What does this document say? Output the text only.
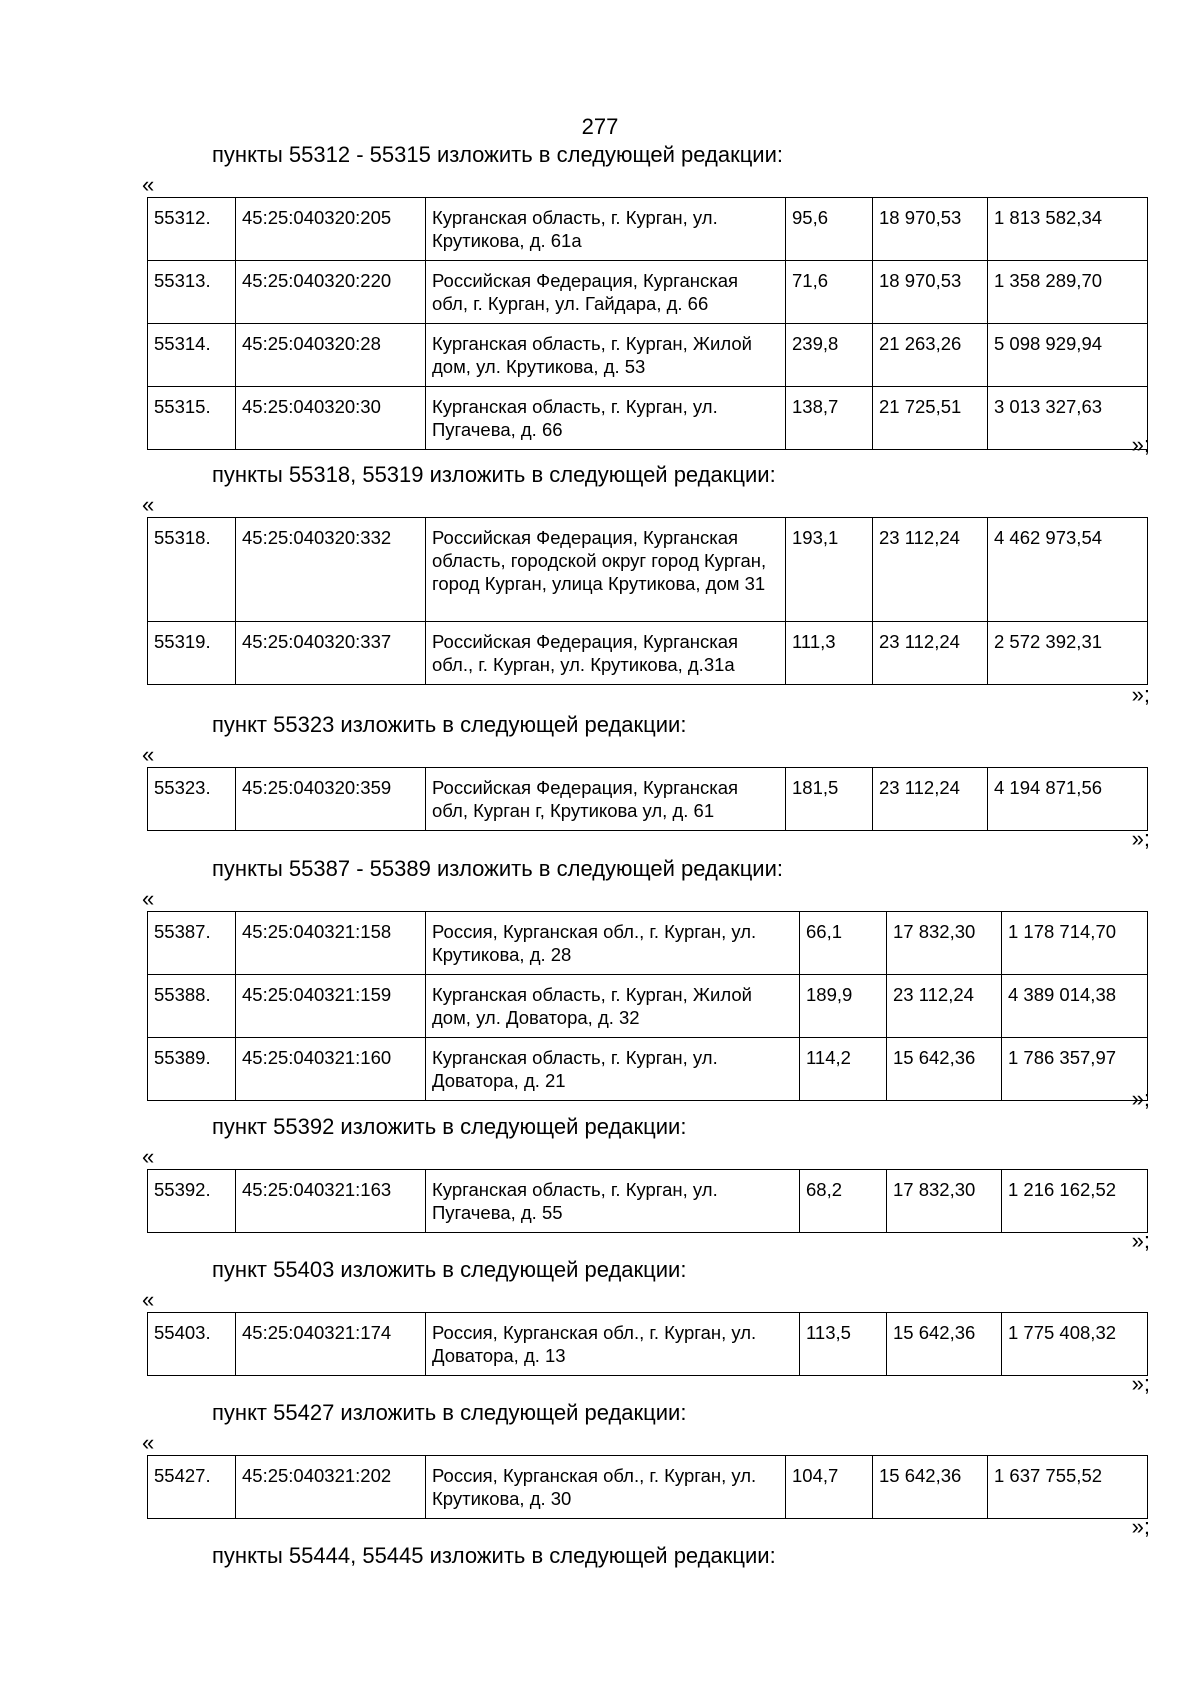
277
пункты 55312 - 55315 изложить в следующей редакции:
«
55312.	45:25:040320:205	Курганская область, г. Курган, ул. Крутикова, д. 61а	95,6	18 970,53	1 813 582,34
55313.	45:25:040320:220	Российская Федерация, Курганская обл, г. Курган, ул. Гайдара, д. 66	71,6	18 970,53	1 358 289,70
55314.	45:25:040320:28	Курганская область, г. Курган, Жилой дом, ул. Крутикова, д. 53	239,8	21 263,26	5 098 929,94
55315.	45:25:040320:30	Курганская область, г. Курган, ул. Пугачева, д. 66	138,7	21 725,51	3 013 327,63
»;
пункты 55318, 55319 изложить в следующей редакции:
«
55318.	45:25:040320:332	Российская Федерация, Курганская область, городской округ город Курган, город Курган, улица Крутикова, дом 31	193,1	23 112,24	4 462 973,54
55319.	45:25:040320:337	Российская Федерация, Курганская обл., г. Курган, ул. Крутикова, д.31а	111,3	23 112,24	2 572 392,31
»;
пункт 55323 изложить в следующей редакции:
«
55323.	45:25:040320:359	Российская Федерация, Курганская обл, Курган г, Крутикова ул, д. 61	181,5	23 112,24	4 194 871,56
»;
пункты 55387 - 55389 изложить в следующей редакции:
«
55387.	45:25:040321:158	Россия, Курганская обл., г. Курган, ул. Крутикова, д. 28	66,1	17 832,30	1 178 714,70
55388.	45:25:040321:159	Курганская область, г. Курган, Жилой дом, ул. Доватора, д. 32	189,9	23 112,24	4 389 014,38
55389.	45:25:040321:160	Курганская область, г. Курган, ул. Доватора, д. 21	114,2	15 642,36	1 786 357,97
»;
пункт 55392 изложить в следующей редакции:
«
55392.	45:25:040321:163	Курганская область, г. Курган, ул. Пугачева, д. 55	68,2	17 832,30	1 216 162,52
»;
пункт 55403 изложить в следующей редакции:
«
55403.	45:25:040321:174	Россия, Курганская обл., г. Курган, ул. Доватора, д. 13	113,5	15 642,36	1 775 408,32
»;
пункт 55427 изложить в следующей редакции:
«
55427.	45:25:040321:202	Россия, Курганская обл., г. Курган, ул. Крутикова, д. 30	104,7	15 642,36	1 637 755,52
»;
пункты 55444, 55445 изложить в следующей редакции:
